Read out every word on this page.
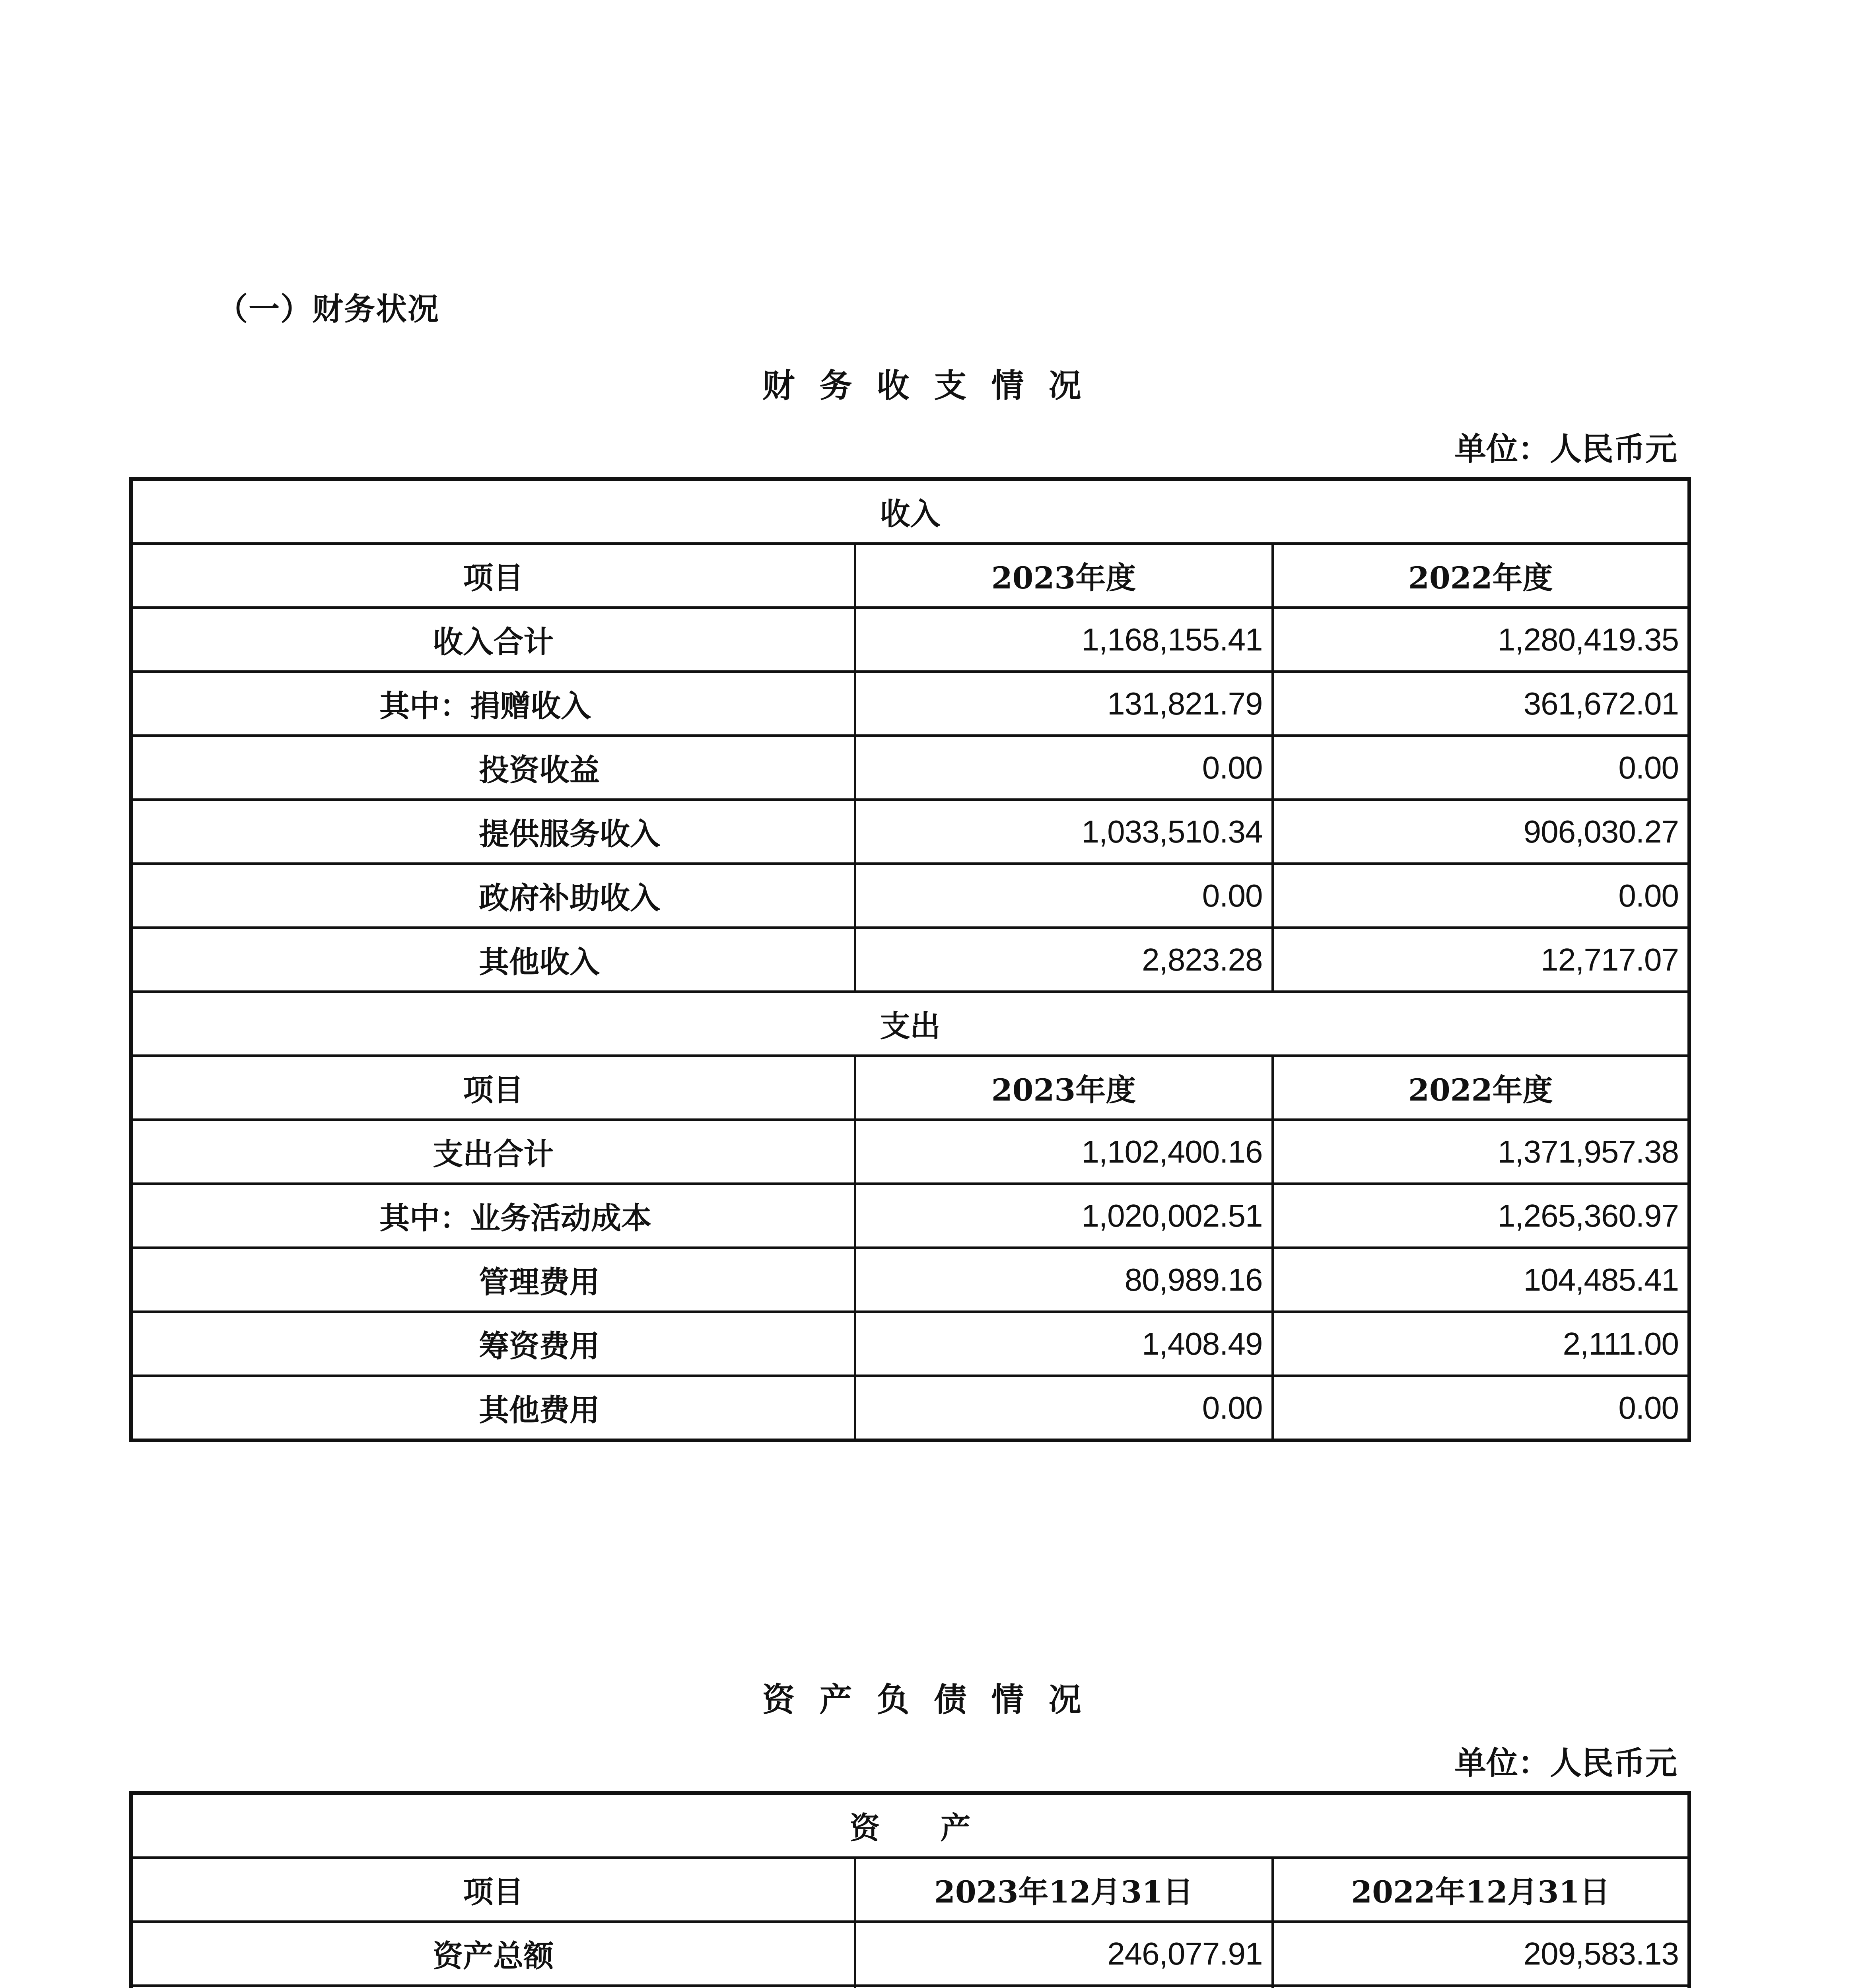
（一）财务状况
财务收支情况
单位：人民币元
收入		
项目	2023年度	2022年度
收入合计	1,168,155.41	1,280,419.35
其中：捐赠收入	131,821.79	361,672.01
投资收益	0.00	0.00
提供服务收入	1,033,510.34	906,030.27
政府补助收入	0.00	0.00
其他收入	2,823.28	12,717.07
支出		
项目	2023年度	2022年度
支出合计	1,102,400.16	1,371,957.38
其中：业务活动成本	1,020,002.51	1,265,360.97
管理费用	80,989.16	104,485.41
筹资费用	1,408.49	2,111.00
其他费用	0.00	0.00
资产负债情况
单位：人民币元
资　　产		
项目	2023年12月31日	2022年12月31日
资产总额	246,077.91	209,583.13
